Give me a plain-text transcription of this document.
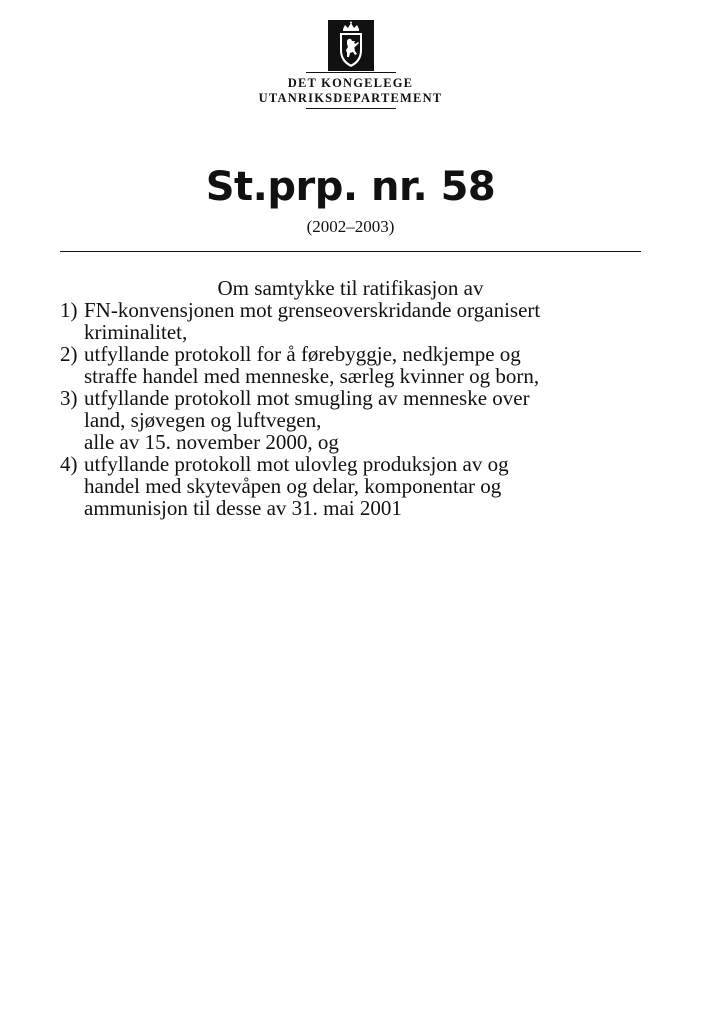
DET KONGELEGE
UTANRIKSDEPARTEMENT
St.prp. nr. 58
(2002–2003)
Om samtykke til ratifikasjon av
1) FN-konvensjonen mot grenseoverskridande organisert
kriminalitet,
2) utfyllande protokoll for å førebyggje, nedkjempe og
straffe handel med menneske, særleg kvinner og born,
3) utfyllande protokoll mot smugling av menneske over
land, sjøvegen og luftvegen,
alle av 15. november 2000, og
4) utfyllande protokoll mot ulovleg produksjon av og
handel med skytevåpen og delar, komponentar og
ammunisjon til desse av 31. mai 2001
